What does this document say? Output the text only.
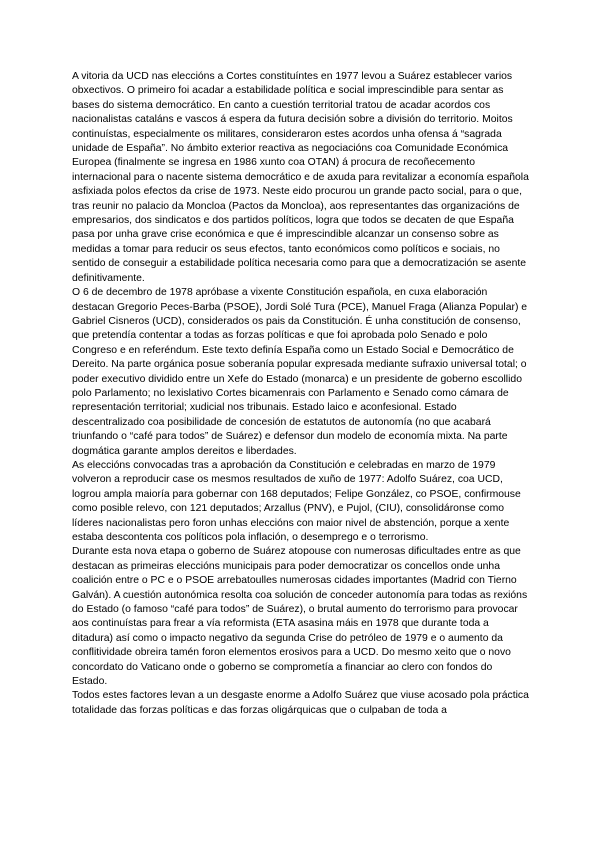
A vitoria da UCD nas eleccións a Cortes constituíntes en 1977 levou a Suárez establecer varios obxectivos. O primeiro foi acadar a estabilidade política e social imprescindible para sentar as bases do sistema democrático. En canto a cuestión territorial tratou de acadar acordos cos nacionalistas cataláns e vascos á espera da futura decisión sobre a división do territorio. Moitos continuístas, especialmente os militares, consideraron estes acordos unha ofensa á “sagrada unidade de España”. No ámbito exterior reactiva as negociacións coa Comunidade Económica Europea (finalmente se ingresa en 1986 xunto coa OTAN) á procura de recoñecemento internacional para o nacente sistema democrático e de axuda para revitalizar a economía española asfixiada polos efectos da crise de 1973. Neste eido procurou un grande pacto social, para o que, tras reunir no palacio da Moncloa (Pactos da Moncloa), aos representantes das organizacións de empresarios, dos sindicatos e dos partidos políticos, logra que todos se decaten de que España pasa por unha grave crise económica e que é imprescindible alcanzar un consenso sobre as medidas a tomar para reducir os seus efectos, tanto económicos como políticos e sociais, no sentido de conseguir a estabilidade política necesaria como para que a democratización se asente definitivamente.

O 6 de decembro de 1978 apróbase a vixente Constitución española, en cuxa elaboración destacan Gregorio Peces-Barba (PSOE), Jordi Solé Tura (PCE), Manuel Fraga (Alianza Popular) e Gabriel Cisneros (UCD), considerados os pais da Constitución. É unha constitución de consenso, que pretendía contentar a todas as forzas políticas e que foi aprobada polo Senado e polo Congreso e en referéndum. Este texto definía España como un Estado Social e Democrático de Dereito. Na parte orgánica posue soberanía popular expresada mediante sufraxio universal total; o poder executivo dividido entre un Xefe do Estado (monarca) e un presidente de goberno escollido polo Parlamento; no lexislativo Cortes bicamenrais con Parlamento e Senado como cámara de representación territorial; xudicial nos tribunais. Estado laico e aconfesional. Estado descentralizado coa posibilidade de concesión de estatutos de autonomía (no que acabará triunfando o “café para todos” de Suárez) e defensor dun modelo de economía mixta. Na parte dogmática garante amplos dereitos e liberdades.

As eleccións convocadas tras a aprobación da Constitución e celebradas en marzo de 1979 volveron a reproducir case os mesmos resultados de xuño de 1977: Adolfo Suárez, coa UCD, logrou ampla maioría para gobernar con 168 deputados; Felipe González, co PSOE, confirmouse como posible relevo, con 121 deputados; Arzallus (PNV), e Pujol, (CIU), consolidáronse como líderes nacionalistas pero foron unhas eleccións con maior nivel de abstención, porque a xente estaba descontenta cos políticos pola inflación, o desemprego e o terrorismo.

Durante esta nova etapa o goberno de Suárez atopouse con numerosas dificultades entre as que destacan as primeiras eleccións municipais para poder democratizar os concellos onde unha coalición entre o PC e o PSOE arrebatoulles numerosas cidades importantes (Madrid con Tierno Galván). A cuestión autonómica resolta coa solución de conceder autonomía para todas as rexións do Estado (o famoso “café para todos” de Suárez), o brutal aumento do terrorismo para provocar aos continuístas para frear a vía reformista (ETA asasina máis en 1978 que durante toda a ditadura) así como o impacto negativo da segunda Crise do petróleo de 1979 e o aumento da conflitividade obreira tamén foron elementos erosivos para a UCD. Do mesmo xeito que o novo concordato do Vaticano onde o goberno se comprometía a financiar ao clero con fondos do Estado.

Todos estes factores levan a un desgaste enorme a Adolfo Suárez que viuse acosado pola práctica totalidade das forzas políticas e das forzas oligárquicas que o culpaban de toda a
